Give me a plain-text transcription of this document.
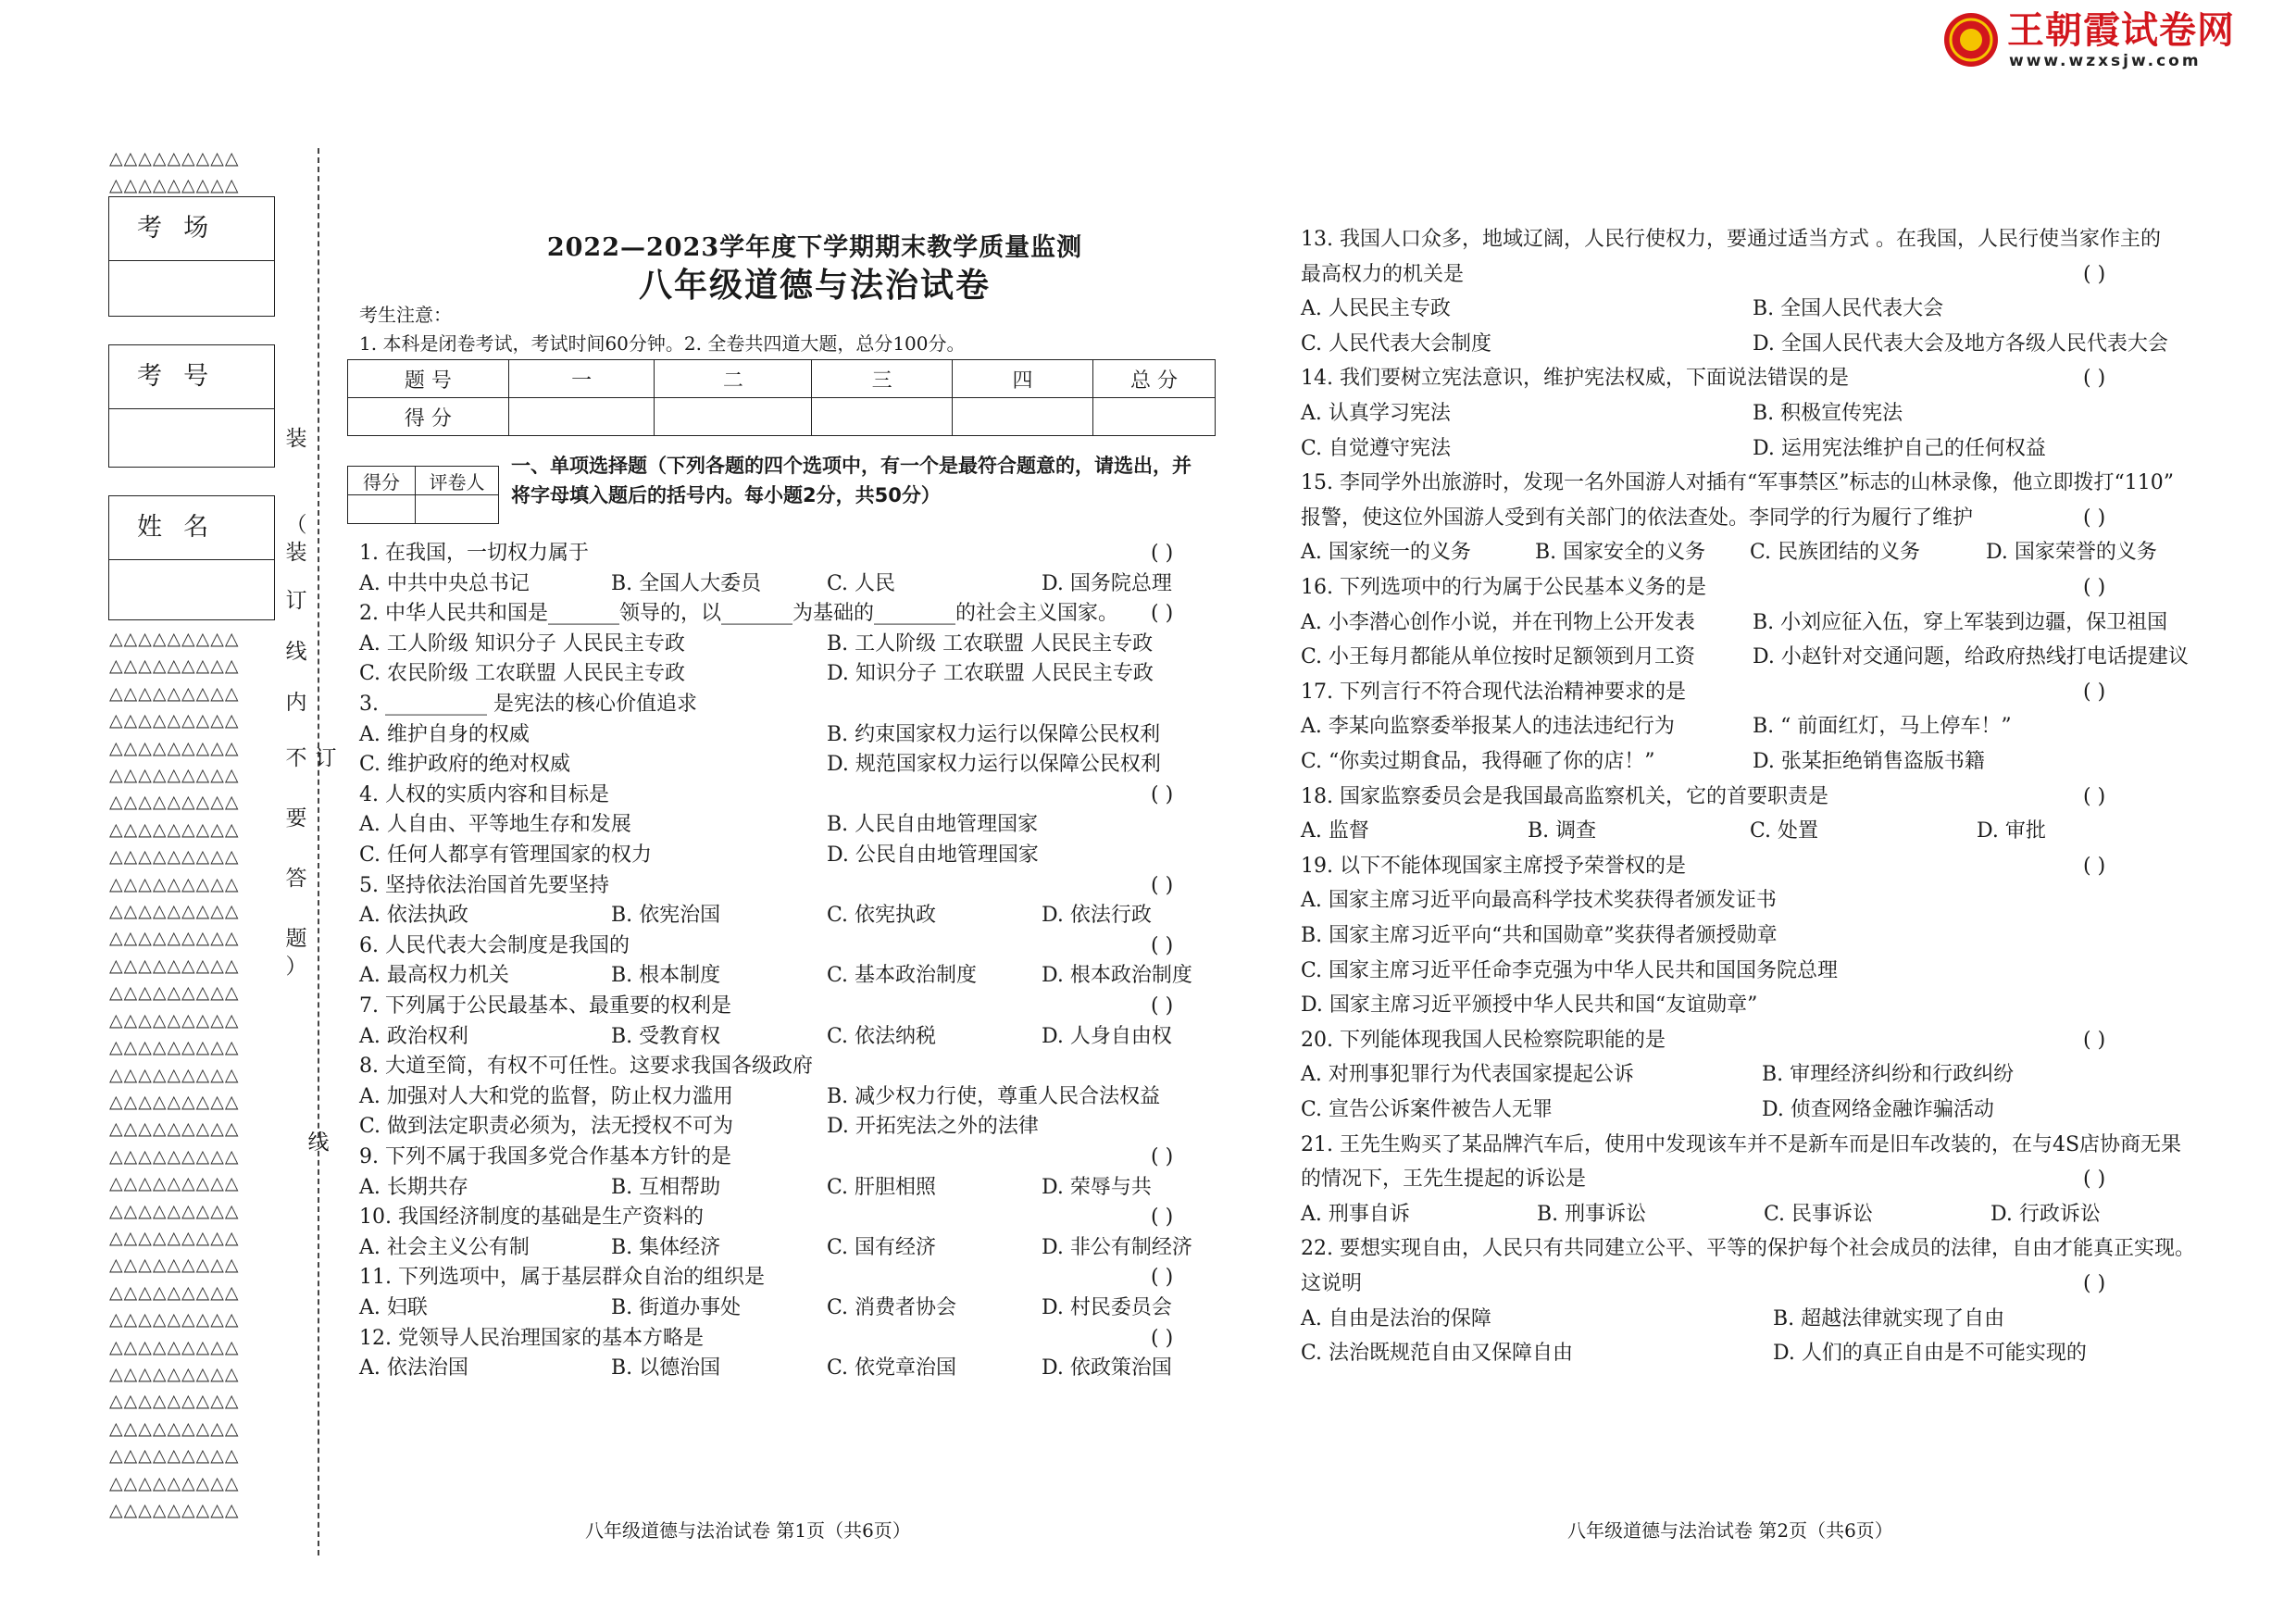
王朝霞试卷网
www.wzxsjw.com
△△△△△△△△△
△△△△△△△△△
考  场
考  号
姓  名
△△△△△△△△△
△△△△△△△△△
△△△△△△△△△
△△△△△△△△△
△△△△△△△△△
△△△△△△△△△
△△△△△△△△△
△△△△△△△△△
△△△△△△△△△
△△△△△△△△△
△△△△△△△△△
△△△△△△△△△
△△△△△△△△△
△△△△△△△△△
△△△△△△△△△
△△△△△△△△△
△△△△△△△△△
△△△△△△△△△
△△△△△△△△△
△△△△△△△△△
△△△△△△△△△
△△△△△△△△△
△△△△△△△△△
△△△△△△△△△
△△△△△△△△△
△△△△△△△△△
△△△△△△△△△
△△△△△△△△△
△△△△△△△△△
△△△△△△△△△
△△△△△△△△△
△△△△△△△△△
△△△△△△△△△
装
（
装
订
线
内
不 订
要
答
题
）
线
2022—2023学年度下学期期末教学质量监测
八年级道德与法治试卷
考生注意：
1. 本科是闭卷考试，考试时间60分钟。2. 全卷共四道大题，总分100分。
题 号	一	二	三	四	总 分
得 分					
得分	评卷人

一、单项选择题（下列各题的四个选项中，有一个是最符合题意的，请选出，并
将字母填入题后的括号内。每小题2分，共50分）
1. 在我国，一切权力属于	( )
A. 中共中央总书记	B. 全国人大委员	C. 人民	D. 国务院总理
2. 中华人民共和国是_______领导的，以_______为基础的________的社会主义国家。 ( )
A. 工人阶级 知识分子 人民民主专政	B. 工人阶级 工农联盟 人民民主专政
C. 农民阶级 工农联盟 人民民主专政	D. 知识分子 工农联盟 人民民主专政
3. __________ 是宪法的核心价值追求
A. 维护自身的权威	B. 约束国家权力运行以保障公民权利
C. 维护政府的绝对权威	D. 规范国家权力运行以保障公民权利
4. 人权的实质内容和目标是	( )
A. 人自由、平等地生存和发展	B. 人民自由地管理国家
C. 任何人都享有管理国家的权力	D. 公民自由地管理国家
5. 坚持依法治国首先要坚持	( )
A. 依法执政	B. 依宪治国	C. 依宪执政	D. 依法行政
6. 人民代表大会制度是我国的	( )
A. 最高权力机关	B. 根本制度	C. 基本政治制度	D. 根本政治制度
7. 下列属于公民最基本、最重要的权利是	( )
A. 政治权利	B. 受教育权	C. 依法纳税	D. 人身自由权
8. 大道至简，有权不可任性。这要求我国各级政府
A. 加强对人大和党的监督，防止权力滥用	B. 减少权力行使，尊重人民合法权益
C. 做到法定职责必须为，法无授权不可为	D. 开拓宪法之外的法律
9. 下列不属于我国多党合作基本方针的是	( )
A. 长期共存	B. 互相帮助	C. 肝胆相照	D. 荣辱与共
10. 我国经济制度的基础是生产资料的	( )
A. 社会主义公有制	B. 集体经济	C. 国有经济	D. 非公有制经济
11. 下列选项中，属于基层群众自治的组织是	( )
A. 妇联	B. 街道办事处	C. 消费者协会	D. 村民委员会
12. 党领导人民治理国家的基本方略是	( )
A. 依法治国	B. 以德治国	C. 依党章治国	D. 依政策治国
13. 我国人口众多，地域辽阔，人民行使权力，要通过适当方式 。在我国，人民行使当家作主的
最高权力的机关是	( )
A. 人民民主专政	B. 全国人民代表大会
C. 人民代表大会制度	D. 全国人民代表大会及地方各级人民代表大会
14. 我们要树立宪法意识，维护宪法权威，下面说法错误的是	( )
A. 认真学习宪法	B. 积极宣传宪法
C. 自觉遵守宪法	D. 运用宪法维护自己的任何权益
15. 李同学外出旅游时，发现一名外国游人对插有“军事禁区”标志的山林录像，他立即拨打“110”
报警，使这位外国游人受到有关部门的依法查处。李同学的行为履行了维护	( )
A. 国家统一的义务	B. 国家安全的义务 C. 民族团结的义务	D. 国家荣誉的义务
16. 下列选项中的行为属于公民基本义务的是	( )
A. 小李潜心创作小说，并在刊物上公开发表	B. 小刘应征入伍，穿上军装到边疆，保卫祖国
C. 小王每月都能从单位按时足额领到月工资	D. 小赵针对交通问题，给政府热线打电话提建议
17. 下列言行不符合现代法治精神要求的是	( )
A. 李某向监察委举报某人的违法违纪行为	B. “ 前面红灯，马上停车！”
C. “你卖过期食品，我得砸了你的店！”	D. 张某拒绝销售盗版书籍
18. 国家监察委员会是我国最高监察机关，它的首要职责是	( )
A. 监督	B. 调查	C. 处置	D. 审批
19. 以下不能体现国家主席授予荣誉权的是	( )
A. 国家主席习近平向最高科学技术奖获得者颁发证书
B. 国家主席习近平向“共和国勋章”奖获得者颁授勋章
C. 国家主席习近平任命李克强为中华人民共和国国务院总理
D. 国家主席习近平颁授中华人民共和国“友谊勋章”
20. 下列能体现我国人民检察院职能的是	( )
A. 对刑事犯罪行为代表国家提起公诉	B. 审理经济纠纷和行政纠纷
C. 宣告公诉案件被告人无罪	D. 侦查网络金融诈骗活动
21. 王先生购买了某品牌汽车后，使用中发现该车并不是新车而是旧车改装的，在与4S店协商无果
的情况下，王先生提起的诉讼是	( )
A. 刑事自诉	B. 刑事诉讼	C. 民事诉讼	D. 行政诉讼
22. 要想实现自由，人民只有共同建立公平、平等的保护每个社会成员的法律，自由才能真正实现。
这说明	( )
A. 自由是法治的保障	B. 超越法律就实现了自由
C. 法治既规范自由又保障自由	D. 人们的真正自由是不可能实现的
八年级道德与法治试卷 第1页（共6页）	八年级道德与法治试卷 第2页（共6页）
